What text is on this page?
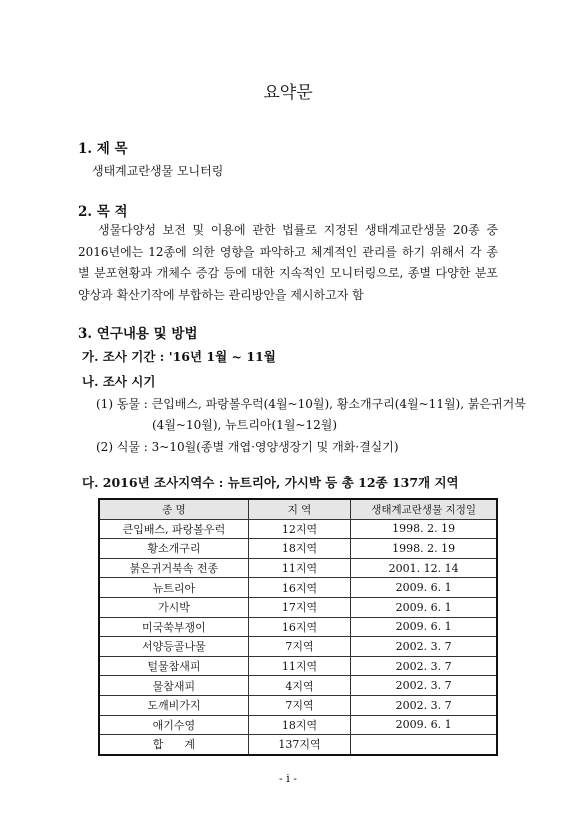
요약문
1. 제 목
생태계교란생물 모니터링
2. 목 적
생물다양성 보전 및 이용에 관한 법률로 지정된 생태계교란생물 20종 중 2016년에는 12종에 의한 영향을 파악하고 체계적인 관리를 하기 위해서 각 종별 분포현황과 개체수 증감 등에 대한 지속적인 모니터링으로, 종별 다양한 분포양상과 확산기작에 부합하는 관리방안을 제시하고자 함
3. 연구내용 및 방법
가. 조사 기간 : '16년 1월 ~ 11월
나. 조사 시기
(1) 동물 : 큰입배스, 파랑볼우럭(4월~10월), 황소개구리(4월~11월), 붉은귀거북
(4월~10월), 뉴트리아(1월~12월)
(2) 식물 : 3~10월(종별 개엽·영양생장기 및 개화·결실기)
다. 2016년 조사지역수 : 뉴트리아, 가시박 등 총 12종 137개 지역
종 명	지 역	생태계교란생물 지정일
큰입배스, 파랑볼우럭	12지역	1998. 2. 19
황소개구리	18지역	1998. 2. 19
붉은귀거북속 전종	11지역	2001. 12. 14
뉴트리아	16지역	2009. 6. 1
가시박	17지역	2009. 6. 1
미국쑥부쟁이	16지역	2009. 6. 1
서양등골나물	7지역	2002. 3. 7
털물참새피	11지역	2002. 3. 7
물참새피	4지역	2002. 3. 7
도깨비가지	7지역	2002. 3. 7
애기수영	18지역	2009. 6. 1
합      계	137지역	
- i -
